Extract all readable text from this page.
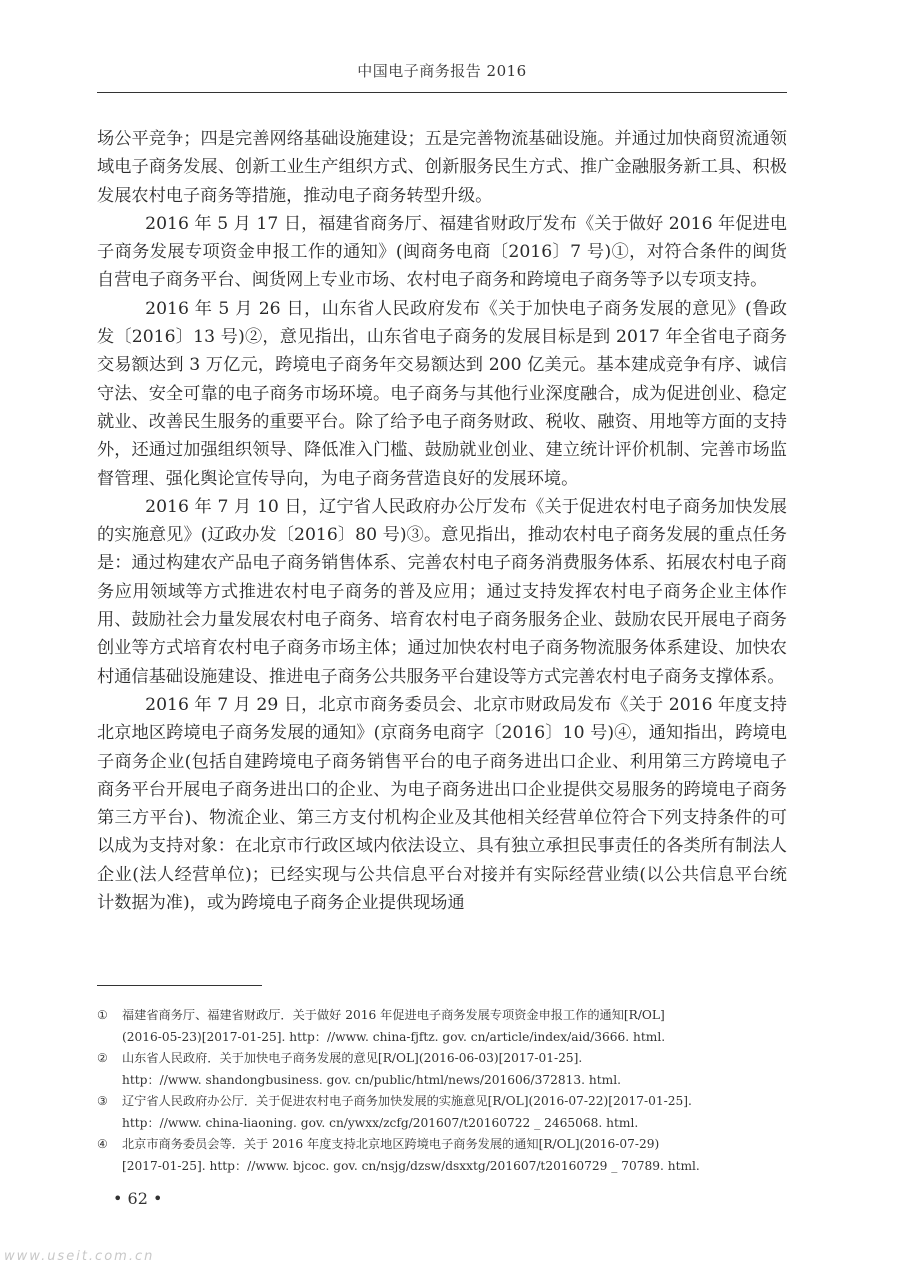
中国电子商务报告 2016

场公平竞争；四是完善网络基础设施建设；五是完善物流基础设施。并通过加快商贸流通领域电子商务发展、创新工业生产组织方式、创新服务民生方式、推广金融服务新工具、积极发展农村电子商务等措施，推动电子商务转型升级。

2016 年 5 月 17 日，福建省商务厅、福建省财政厅发布《关于做好 2016 年促进电子商务发展专项资金申报工作的通知》(闽商务电商〔2016〕7 号)①，对符合条件的闽货自营电子商务平台、闽货网上专业市场、农村电子商务和跨境电子商务等予以专项支持。

2016 年 5 月 26 日，山东省人民政府发布《关于加快电子商务发展的意见》(鲁政发〔2016〕13 号)②，意见指出，山东省电子商务的发展目标是到 2017 年全省电子商务交易额达到 3 万亿元，跨境电子商务年交易额达到 200 亿美元。基本建成竞争有序、诚信守法、安全可靠的电子商务市场环境。电子商务与其他行业深度融合，成为促进创业、稳定就业、改善民生服务的重要平台。除了给予电子商务财政、税收、融资、用地等方面的支持外，还通过加强组织领导、降低准入门槛、鼓励就业创业、建立统计评价机制、完善市场监督管理、强化舆论宣传导向，为电子商务营造良好的发展环境。

2016 年 7 月 10 日，辽宁省人民政府办公厅发布《关于促进农村电子商务加快发展的实施意见》(辽政办发〔2016〕80 号)③。意见指出，推动农村电子商务发展的重点任务是：通过构建农产品电子商务销售体系、完善农村电子商务消费服务体系、拓展农村电子商务应用领域等方式推进农村电子商务的普及应用；通过支持发挥农村电子商务企业主体作用、鼓励社会力量发展农村电子商务、培育农村电子商务服务企业、鼓励农民开展电子商务创业等方式培育农村电子商务市场主体；通过加快农村电子商务物流服务体系建设、加快农村通信基础设施建设、推进电子商务公共服务平台建设等方式完善农村电子商务支撑体系。

2016 年 7 月 29 日，北京市商务委员会、北京市财政局发布《关于 2016 年度支持北京地区跨境电子商务发展的通知》(京商务电商字〔2016〕10 号)④，通知指出，跨境电子商务企业(包括自建跨境电子商务销售平台的电子商务进出口企业、利用第三方跨境电子商务平台开展电子商务进出口的企业、为电子商务进出口企业提供交易服务的跨境电子商务第三方平台)、物流企业、第三方支付机构企业及其他相关经营单位符合下列支持条件的可以成为支持对象：在北京市行政区域内依法设立、具有独立承担民事责任的各类所有制法人企业(法人经营单位)；已经实现与公共信息平台对接并有实际经营业绩(以公共信息平台统计数据为准)，或为跨境电子商务企业提供现场通

①	福建省商务厅、福建省财政厅．关于做好 2016 年促进电子商务发展专项资金申报工作的通知[R/OL]
(2016-05-23)[2017-01-25]. http：//www. china-fjftz. gov. cn/article/index/aid/3666. html.
②	山东省人民政府．关于加快电子商务发展的意见[R/OL](2016-06-03)[2017-01-25].
http：//www. shandongbusiness. gov. cn/public/html/news/201606/372813. html.
③	辽宁省人民政府办公厅．关于促进农村电子商务加快发展的实施意见[R/OL](2016-07-22)[2017-01-25].
http：//www. china-liaoning. gov. cn/ywxx/zcfg/201607/t20160722 _ 2465068. html.
④	北京市商务委员会等．关于 2016 年度支持北京地区跨境电子商务发展的通知[R/OL](2016-07-29)
[2017-01-25]. http：//www. bjcoc. gov. cn/nsjg/dzsw/dsxxtg/201607/t20160729 _ 70789. html.
• 62 •
www.useit.com.cn
